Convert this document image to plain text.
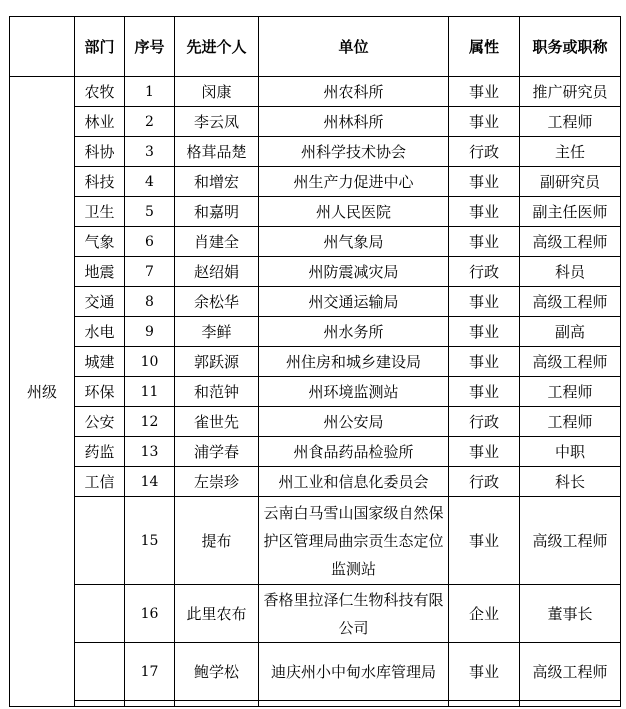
	部门	序号	先进个人	单位	属性	职务或职称
州级	农牧	1	闵康	州农科所	事业	推广研究员
	林业	2	李云凤	州林科所	事业	工程师
	科协	3	格茸品楚	州科学技术协会	行政	主任
	科技	4	和增宏	州生产力促进中心	事业	副研究员
	卫生	5	和嘉明	州人民医院	事业	副主任医师
	气象	6	肖建全	州气象局	事业	高级工程师
	地震	7	赵绍娟	州防震减灾局	行政	科员
	交通	8	余松华	州交通运输局	事业	高级工程师
	水电	9	李鲜	州水务所	事业	副高
	城建	10	郭跃源	州住房和城乡建设局	事业	高级工程师
	环保	11	和范钟	州环境监测站	事业	工程师
	公安	12	雀世先	州公安局	行政	工程师
	药监	13	浦学春	州食品药品检验所	事业	中职
	工信	14	左崇珍	州工业和信息化委员会	行政	科长
		15	提布	云南白马雪山国家级自然保护区管理局曲宗贡生态定位监测站	事业	高级工程师
		16	此里农布	香格里拉泽仁生物科技有限公司	企业	董事长
		17	鲍学松	迪庆州小中甸水库管理局	事业	高级工程师
